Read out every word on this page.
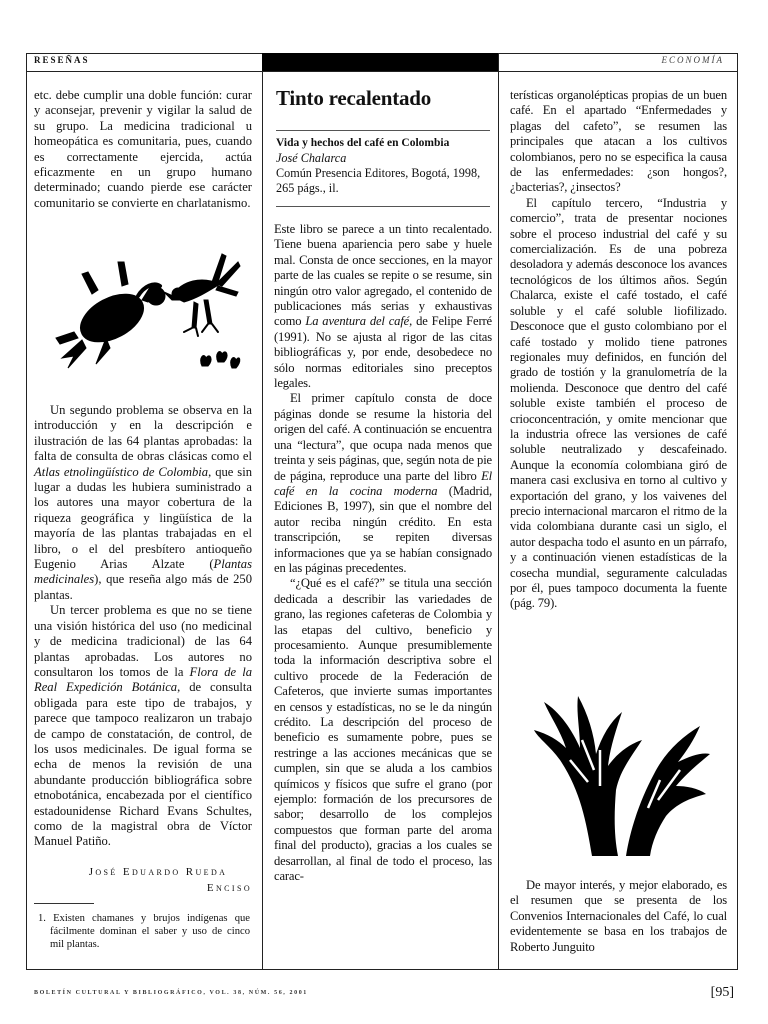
RESEÑAS	ECONOMÍA

etc. debe cumplir una doble función: curar y aconsejar, prevenir y vigilar la salud de su grupo. La medicina tradicional u homeopática es comunitaria, pues, cuando es correctamente ejercida, actúa eficazmente en un grupo humano determinado; cuando pierde ese carácter comunitario se convierte en charlatanismo.

Un segundo problema se observa en la introducción y en la descripción e ilustración de las 64 plantas aprobadas: la falta de consulta de obras clásicas como el Atlas etnolingüístico de Colombia, que sin lugar a dudas les hubiera suministrado a los autores una mayor cobertura de la riqueza geográfica y lingüística de la mayoría de las plantas trabajadas en el libro, o el del presbítero antioqueño Eugenio Arias Alzate (Plantas medicinales), que reseña algo más de 250 plantas.

Un tercer problema es que no se tiene una visión histórica del uso (no medicinal y de medicina tradicional) de las 64 plantas aprobadas. Los autores no consultaron los tomos de la Flora de la Real Expedición Botánica, de consulta obligada para este tipo de trabajos, y parece que tampoco realizaron un trabajo de campo de constatación, de control, de los usos medicinales. De igual forma se echa de menos la revisión de una abundante producción bibliográfica sobre etnobotánica, encabezada por el científico estadounidense Richard Evans Schultes, como de la magistral obra de Víctor Manuel Patiño.

José Eduardo Rueda
Enciso
1. Existen chamanes y brujos indígenas que fácilmente dominan el saber y uso de cinco mil plantas.
Tinto recalentado
Vida y hechos del café en Colombia
José Chalarca
Común Presencia Editores, Bogotá, 1998, 265 págs., il.

Este libro se parece a un tinto recalentado. Tiene buena apariencia pero sabe y huele mal. Consta de once secciones, en la mayor parte de las cuales se repite o se resume, sin ningún otro valor agregado, el contenido de publicaciones más serias y exhaustivas como La aventura del café, de Felipe Ferré (1991). No se ajusta al rigor de las citas bibliográficas y, por ende, desobedece no sólo normas editoriales sino preceptos legales.

El primer capítulo consta de doce páginas donde se resume la historia del origen del café. A continuación se encuentra una “lectura”, que ocupa nada menos que treinta y seis páginas, que, según nota de pie de página, reproduce una parte del libro El café en la cocina moderna (Madrid, Ediciones B, 1997), sin que el nombre del autor reciba ningún crédito. En esta transcripción, se repiten diversas informaciones que ya se habían consignado en las páginas precedentes.

“¿Qué es el café?” se titula una sección dedicada a describir las variedades de grano, las regiones cafeteras de Colombia y las etapas del cultivo, beneficio y procesamiento. Aunque presumiblemente toda la información descriptiva sobre el cultivo procede de la Federación de Cafeteros, que invierte sumas importantes en censos y estadísticas, no se le da ningún crédito. La descripción del proceso de beneficio es sumamente pobre, pues se restringe a las acciones mecánicas que se cumplen, sin que se aluda a los cambios químicos y físicos que sufre el grano (por ejemplo: formación de los precursores de sabor; desarrollo de los complejos compuestos que forman parte del aroma final del producto), gracias a los cuales se desarrollan, al final de todo el proceso, las carac-

terísticas organolépticas propias de un buen café. En el apartado “Enfermedades y plagas del cafeto”, se resumen las principales que atacan a los cultivos colombianos, pero no se especifica la causa de las enfermedades: ¿son hongos?, ¿bacterias?, ¿insectos?

El capítulo tercero, “Industria y comercio”, trata de presentar nociones sobre el proceso industrial del café y su comercialización. Es de una pobreza desoladora y además desconoce los avances tecnológicos de los últimos años. Según Chalarca, existe el café tostado, el café soluble y el café soluble liofilizado. Desconoce que el gusto colombiano por el café tostado y molido tiene patrones regionales muy definidos, en función del grado de tostión y la granulometría de la molienda. Desconoce que dentro del café soluble existe también el proceso de crioconcentración, y omite mencionar que la industria ofrece las versiones de café soluble neutralizado y descafeinado. Aunque la economía colombiana giró de manera casi exclusiva en torno al cultivo y exportación del grano, y los vaivenes del precio internacional marcaron el ritmo de la vida colombiana durante casi un siglo, el autor despacha todo el asunto en un párrafo, y a continuación vienen estadísticas de la cosecha mundial, seguramente calculadas por él, pues tampoco documenta la fuente (pág. 79).

De mayor interés, y mejor elaborado, es el resumen que se presenta de los Convenios Internacionales del Café, lo cual evidentemente se basa en los trabajos de Roberto Junguito

BOLETÍN CULTURAL Y BIBLIOGRÁFICO, VOL. 38, NÚM. 56, 2001	[95]
